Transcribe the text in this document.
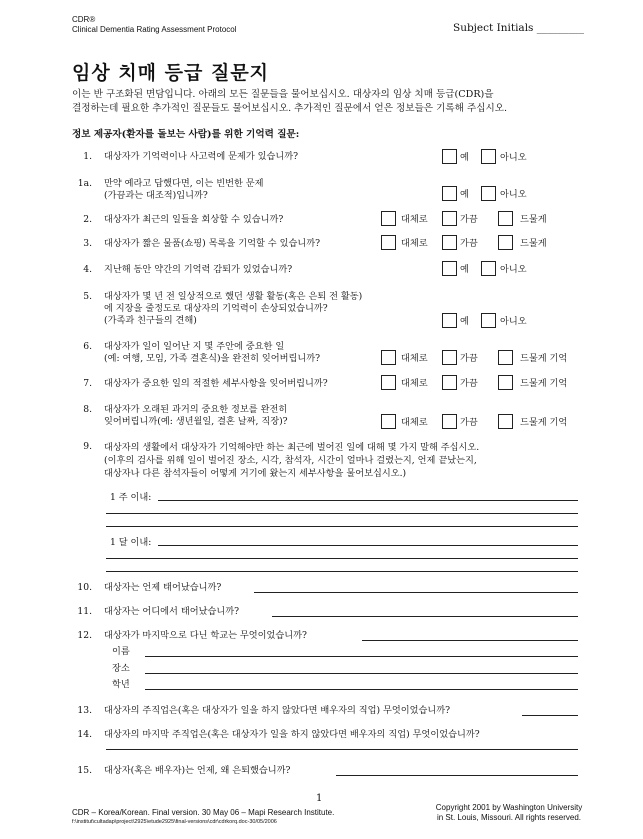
CDR®
Clinical Dementia Rating Assessment Protocol	Subject Initials _________
임상 치매 등급 질문지
이는 반 구조화된 면담입니다. 아래의 모든 질문들을 물어보십시오. 대상자의 임상 치매 등급(CDR)을
결정하는데 필요한 추가적인 질문들도 물어보십시오. 추가적인 질문에서 얻은 정보들은 기록해 주십시오.
정보 제공자(환자를 돌보는 사람)를 위한 기억력 질문:
1. 대상자가 기억력이나 사고력에 문제가 있습니까?	예	아니오
1a. 만약 예라고 답했다면, 이는 빈번한 문제
(가끔과는 대조적)입니까?	예	아니오
2. 대상자가 최근의 일들을 회상할 수 있습니까?	대체로	가끔	드물게
3. 대상자가 짧은 물품(쇼핑) 목록을 기억할 수 있습니까?	대체로	가끔	드물게
4. 지난해 동안 약간의 기억력 감퇴가 있었습니까?	예	아니오
5. 대상자가 몇 년 전 일상적으로 했던 생활 활동(혹은 은퇴 전 활동)
에 지장을 줄정도로 대상자의 기억력이 손상되었습니까?
(가족과 친구들의 견해)	예	아니오
6. 대상자가 일이 일어난 지 몇 주안에 중요한 일
(예: 여행, 모임, 가족 결혼식)을 완전히 잊어버립니까?	대체로	가끔	드물게 기억
7. 대상자가 중요한 일의 적절한 세부사항을 잊어버립니까?	대체로	가끔	드물게 기억
8. 대상자가 오래된 과거의 중요한 정보를 완전히
잊어버립니까(예: 생년월일, 결혼 날짜, 직장)?	대체로	가끔	드물게 기억
9. 대상자의 생활에서 대상자가 기억해야만 하는 최근에 벌어진 일에 대해 몇 가지 말해 주십시오.
(이후의 검사를 위해 일이 벌어진 장소, 시각, 참석자, 시간이 얼마나 걸렸는지, 언제 끝났는지,
대상자나 다른 참석자들이 어떻게 거기에 왔는지 세부사항을 물어보십시오.)
1 주 이내:
1 달 이내:
10. 대상자는 언제 태어났습니까?
11. 대상자는 어디에서 태어났습니까?
12. 대상자가 마지막으로 다닌 학교는 무엇이었습니까?
이름
장소
학년
13. 대상자의 주직업은(혹은 대상자가 일을 하지 않았다면 배우자의 직업) 무엇이었습니까?
14. 대상자의 마지막 주직업은(혹은 대상자가 일을 하지 않았다면 배우자의 직업) 무엇이었습니까?
15. 대상자(혹은 배우자)는 언제, 왜 은퇴했습니까?
1
CDR – Korea/Korean. Final version. 30 May 06 – Mapi Research Institute.
f:\institut\cultadap\project\2925\etude2925\final-versions\cdr\cdrkorq.doc-30/05/2006
Copyright 2001 by Washington University
in St. Louis, Missouri. All rights reserved.
